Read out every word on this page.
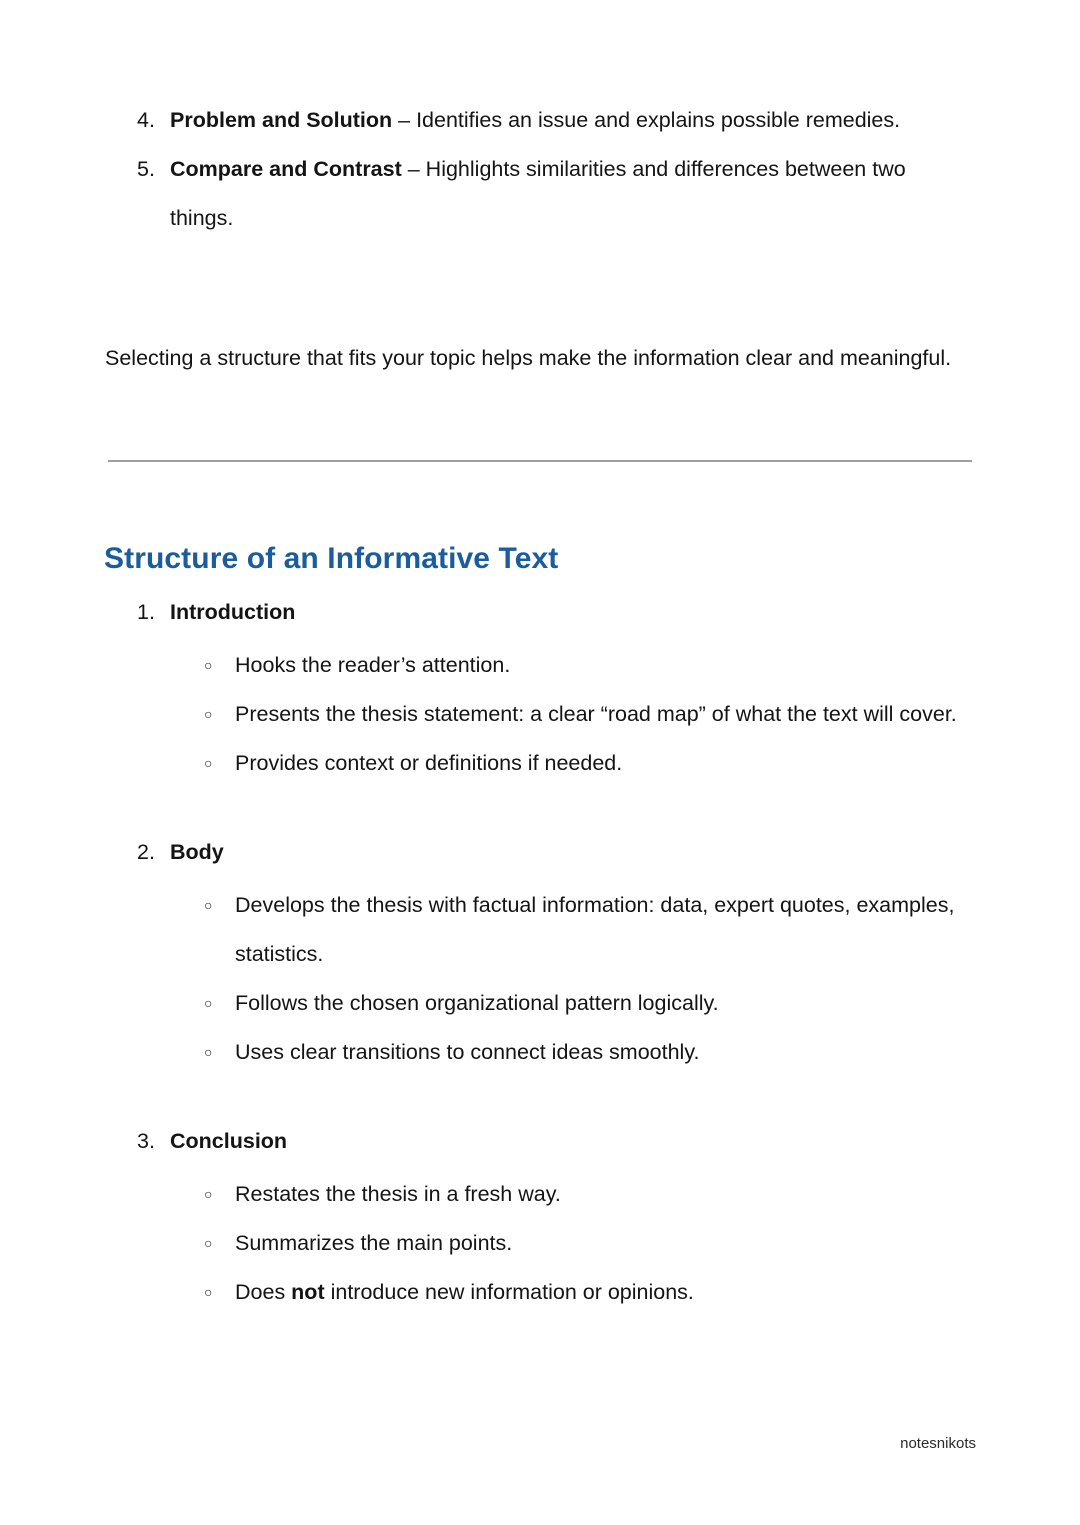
4. Problem and Solution – Identifies an issue and explains possible remedies.
5. Compare and Contrast – Highlights similarities and differences between two things.

Selecting a structure that fits your topic helps make the information clear and meaningful.

Structure of an Informative Text
1. Introduction
○ Hooks the reader’s attention.
○ Presents the thesis statement: a clear “road map” of what the text will cover.
○ Provides context or definitions if needed.
2. Body
○ Develops the thesis with factual information: data, expert quotes, examples, statistics.
○ Follows the chosen organizational pattern logically.
○ Uses clear transitions to connect ideas smoothly.
3. Conclusion
○ Restates the thesis in a fresh way.
○ Summarizes the main points.
○ Does not introduce new information or opinions.
notesnikots
